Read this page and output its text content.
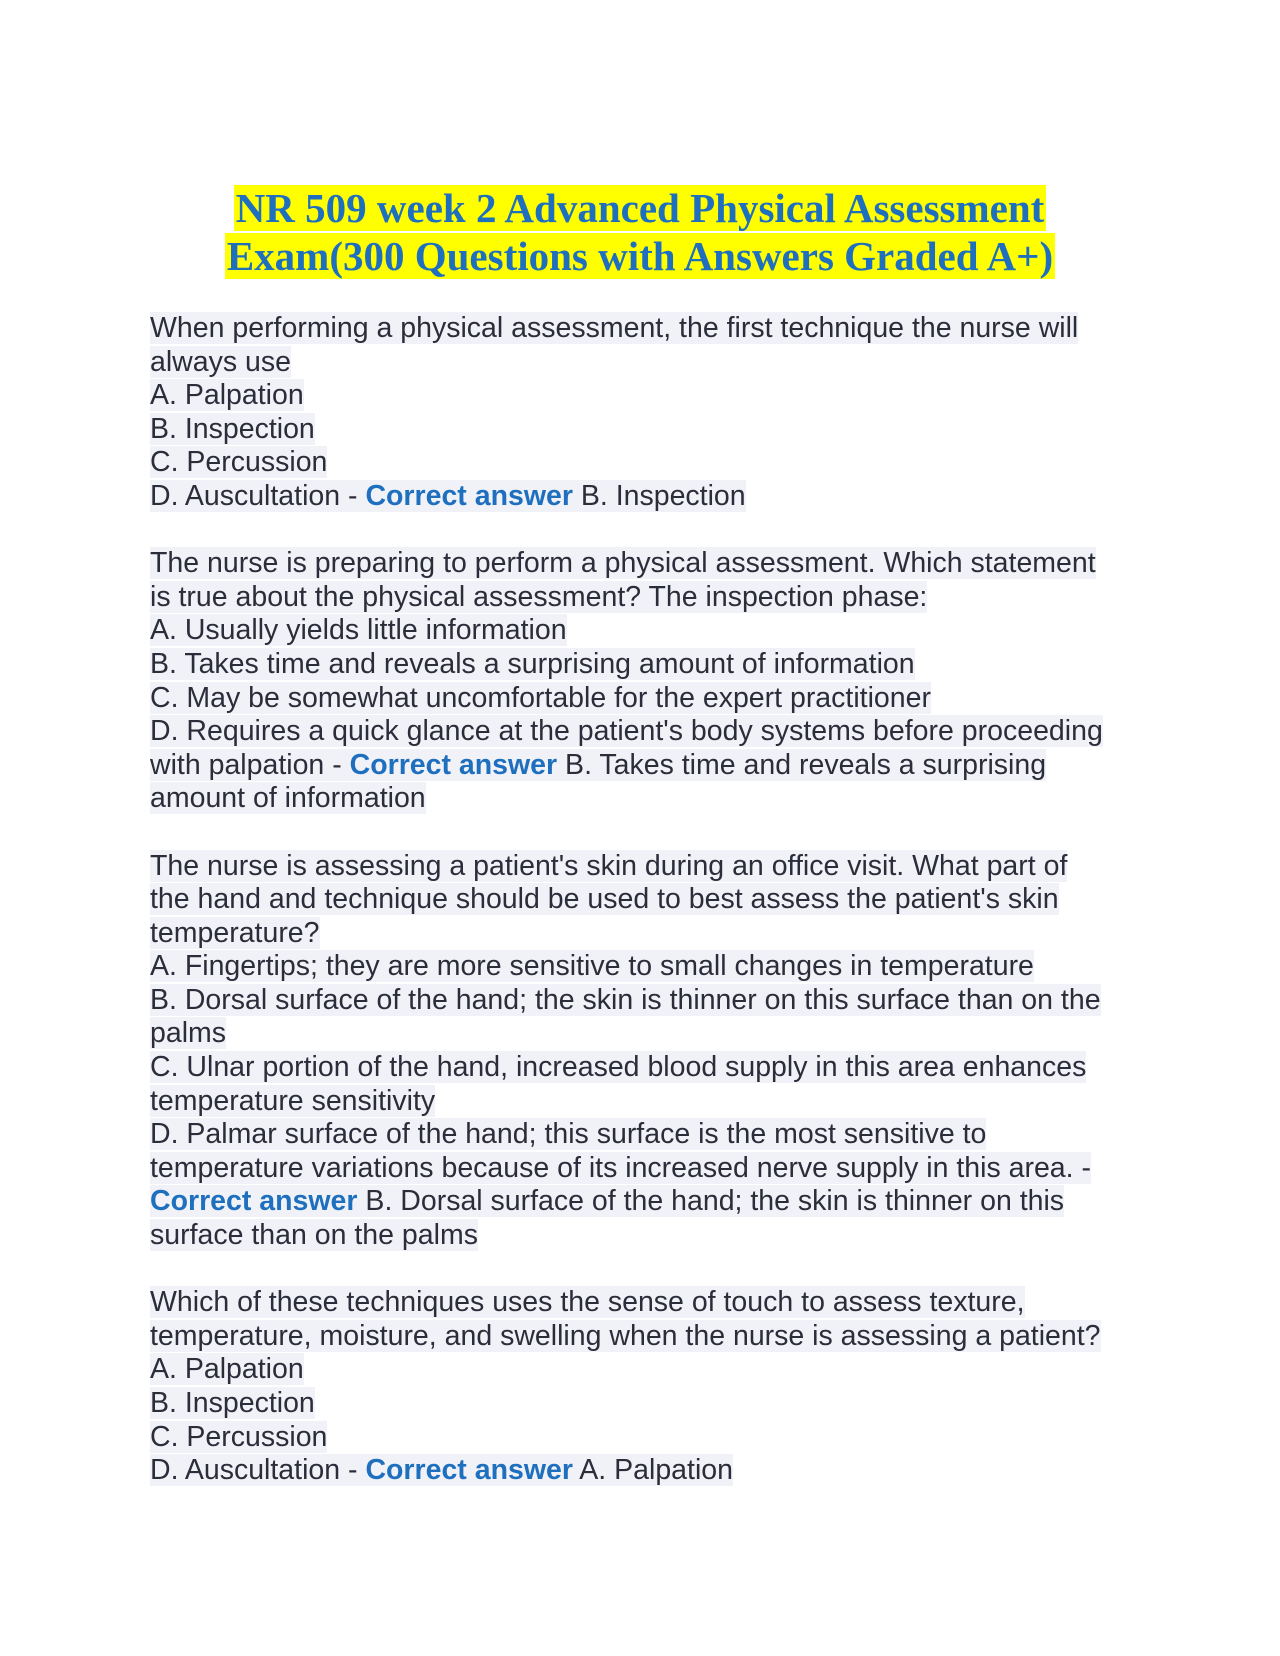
NR 509 week 2 Advanced Physical Assessment
Exam(300 Questions with Answers Graded A+)
When performing a physical assessment, the first technique the nurse will
always use
A. Palpation
B. Inspection
C. Percussion
D. Auscultation - Correct answer B. Inspection
The nurse is preparing to perform a physical assessment. Which statement
is true about the physical assessment? The inspection phase:
A. Usually yields little information
B. Takes time and reveals a surprising amount of information
C. May be somewhat uncomfortable for the expert practitioner
D. Requires a quick glance at the patient's body systems before proceeding
with palpation - Correct answer B. Takes time and reveals a surprising
amount of information
The nurse is assessing a patient's skin during an office visit. What part of
the hand and technique should be used to best assess the patient's skin
temperature?
A. Fingertips; they are more sensitive to small changes in temperature
B. Dorsal surface of the hand; the skin is thinner on this surface than on the
palms
C. Ulnar portion of the hand, increased blood supply in this area enhances
temperature sensitivity
D. Palmar surface of the hand; this surface is the most sensitive to
temperature variations because of its increased nerve supply in this area. -
Correct answer B. Dorsal surface of the hand; the skin is thinner on this
surface than on the palms
Which of these techniques uses the sense of touch to assess texture,
temperature, moisture, and swelling when the nurse is assessing a patient?
A. Palpation
B. Inspection
C. Percussion
D. Auscultation - Correct answer A. Palpation
